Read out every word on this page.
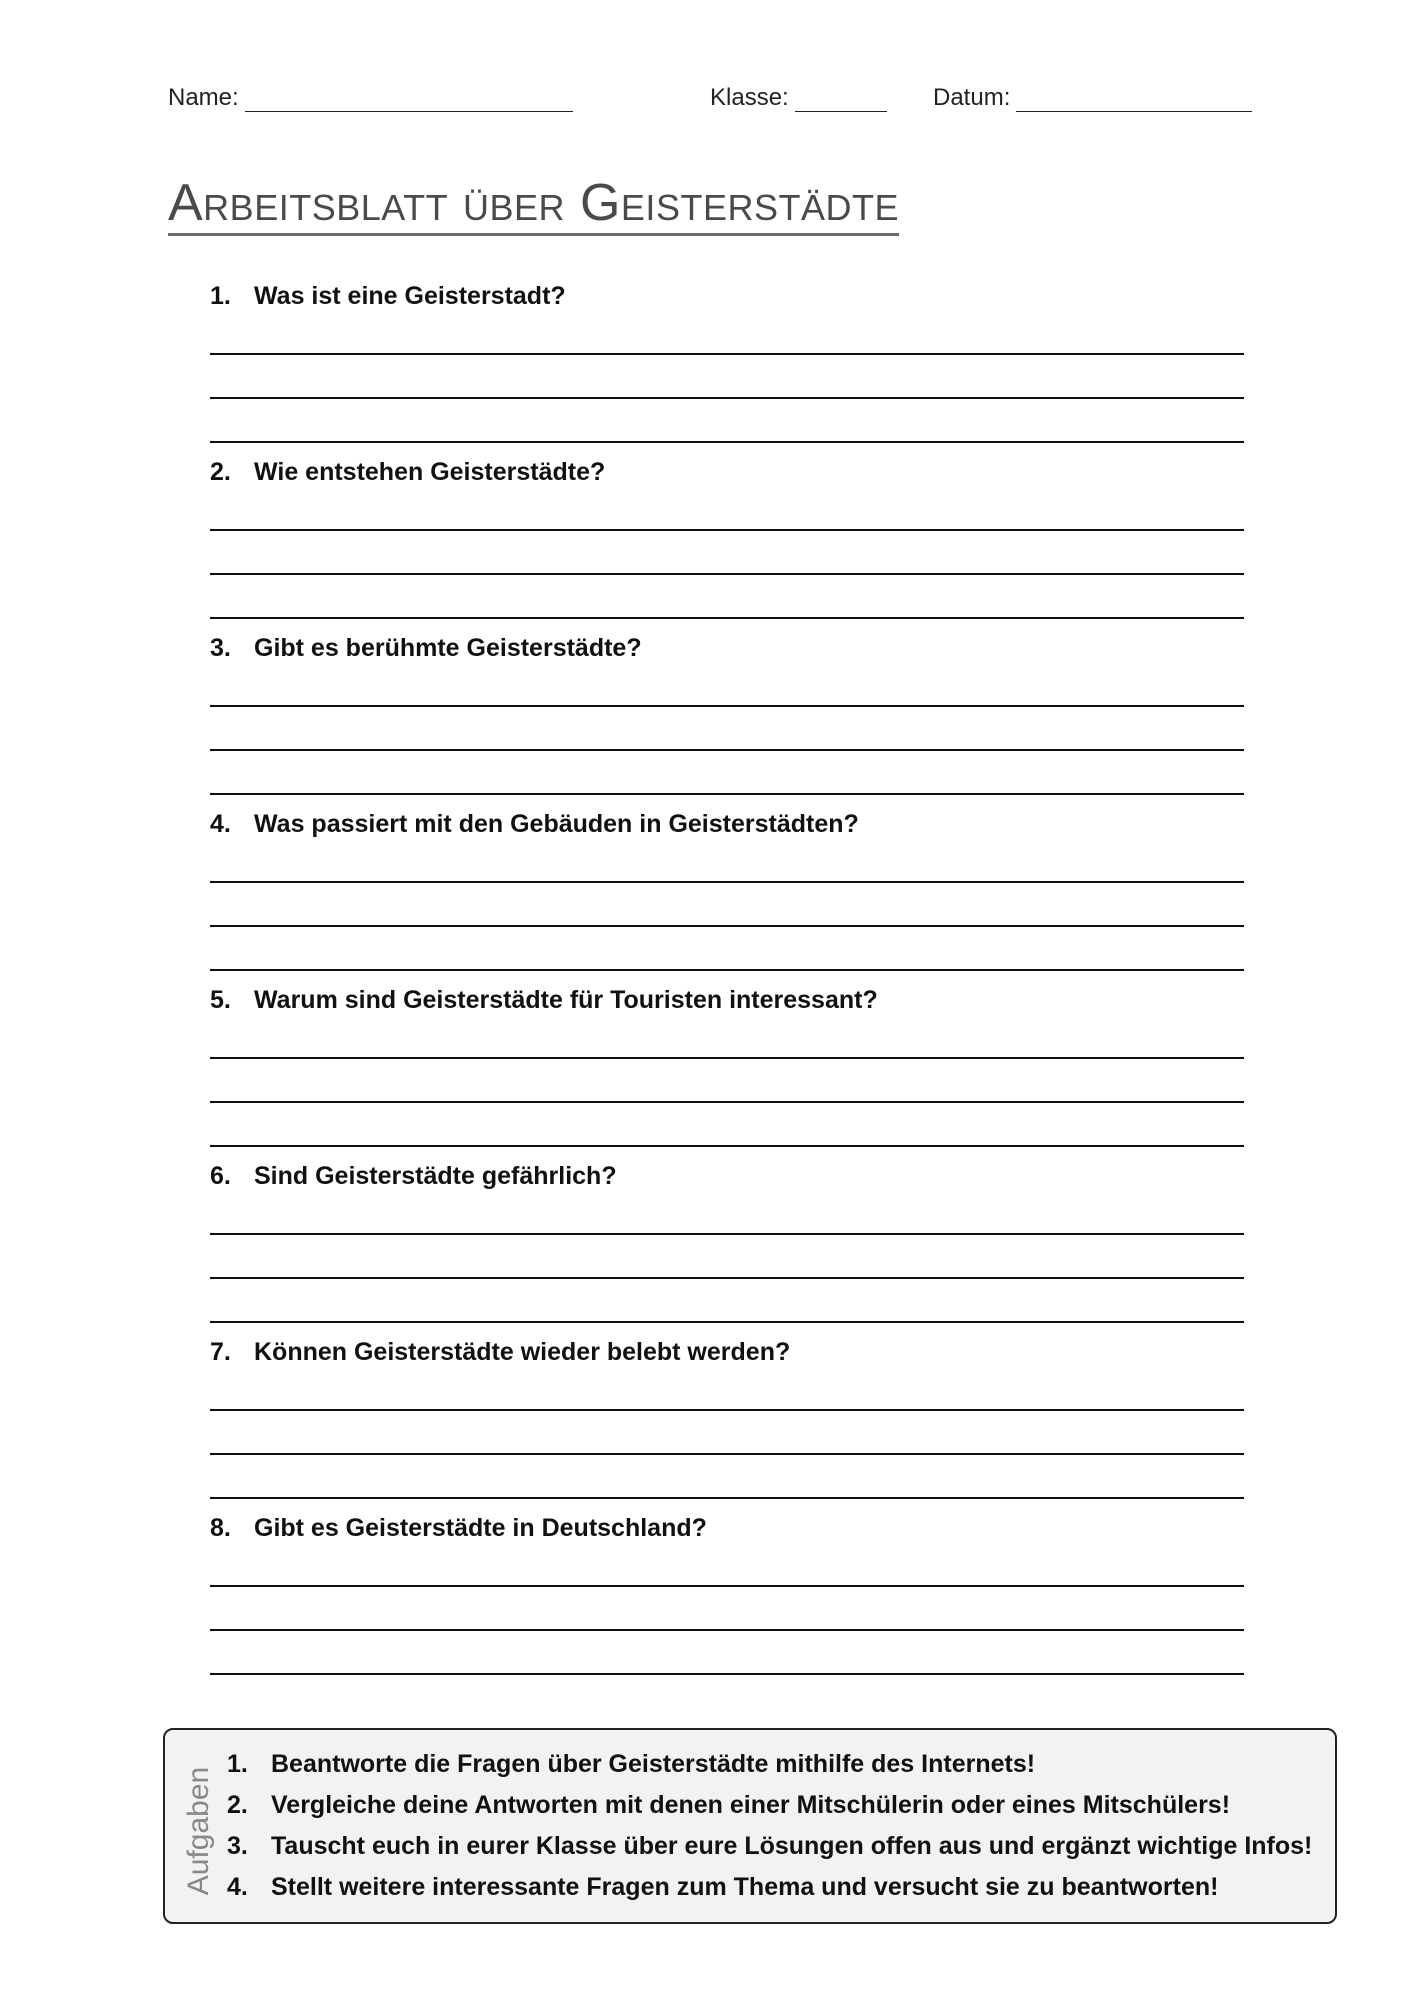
Name:	Klasse:	Datum:
Arbeitsblatt über Geisterstädte
1. Was ist eine Geisterstadt?
2. Wie entstehen Geisterstädte?
3. Gibt es berühmte Geisterstädte?
4. Was passiert mit den Gebäuden in Geisterstädten?
5. Warum sind Geisterstädte für Touristen interessant?
6. Sind Geisterstädte gefährlich?
7. Können Geisterstädte wieder belebt werden?
8. Gibt es Geisterstädte in Deutschland?
Aufgaben
1. Beantworte die Fragen über Geisterstädte mithilfe des Internets!
2. Vergleiche deine Antworten mit denen einer Mitschülerin oder eines Mitschülers!
3. Tauscht euch in eurer Klasse über eure Lösungen offen aus und ergänzt wichtige Infos!
4. Stellt weitere interessante Fragen zum Thema und versucht sie zu beantworten!
